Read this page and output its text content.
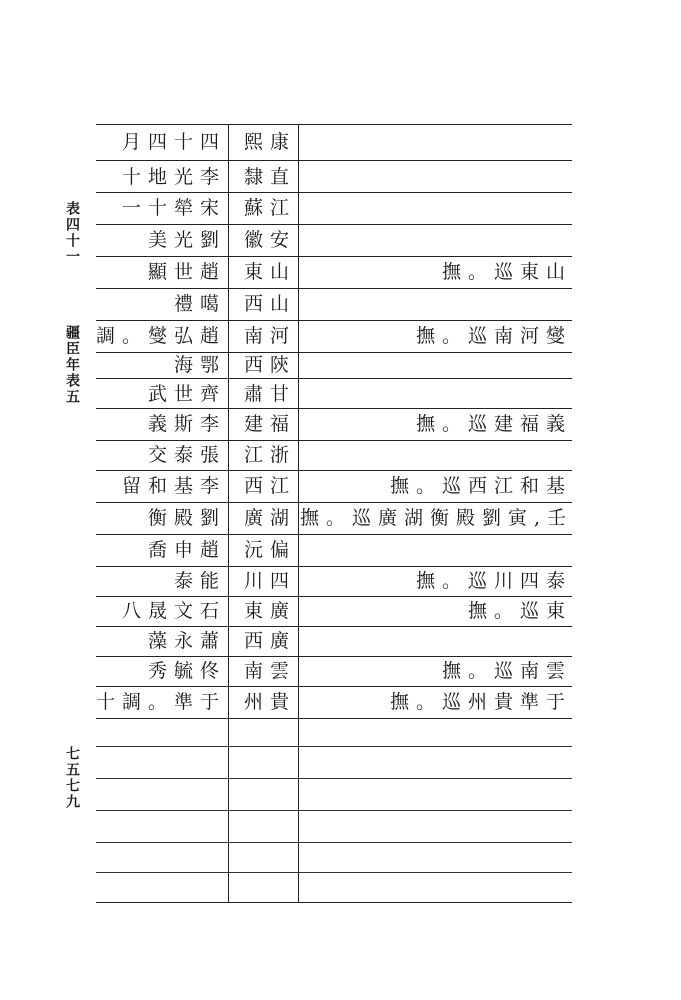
表四十一
疆臣年表五
七五七九
月四十四 熙康
十地光李 隸直
一十犖宋 蘇江
美光劉 徽安
顯世趙 東山	撫。巡東山
禮噶 西山
調。燮弘趙 南河	撫。巡南河燮
海鄂 西陝
武世齊 肅甘
義斯李 建福	撫。巡建福義
交泰張 江浙
留和基李 西江	撫。巡西江和基
衡殿劉 廣湖 撫。巡廣湖衡殿劉寅,壬
喬申趙 沅偏
泰能 川四	撫。巡川四泰
八晟文石 東廣	撫。巡東
藻永蕭 西廣
秀毓佟 南雲	撫。巡南雲
十調。準于 州貴	撫。巡州貴準于
